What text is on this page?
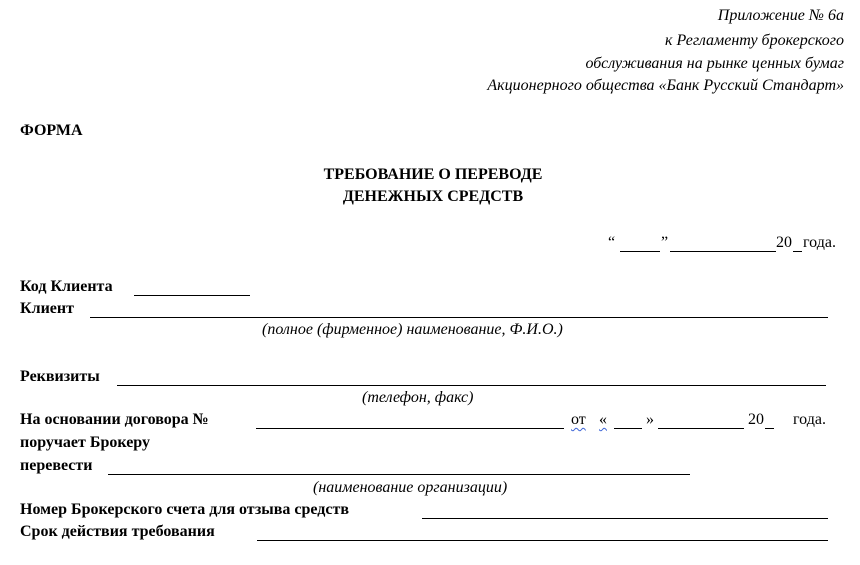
Приложение № 6а
к Регламенту брокерского
обслуживания на рынке ценных бумаг
Акционерного общества «Банк Русский Стандарт»
ФОРМА
ТРЕБОВАНИЕ О ПЕРЕВОДЕ
ДЕНЕЖНЫХ СРЕДСТВ
“	”	20 года.
Код Клиента
Клиент
(полное (фирменное) наименование, Ф.И.О.)
Реквизиты
(телефон, факс)
На основании договора №	от « »	20 года.
поручает Брокеру
перевести
(наименование организации)
Номер Брокерского счета для отзыва средств
Срок действия требования
